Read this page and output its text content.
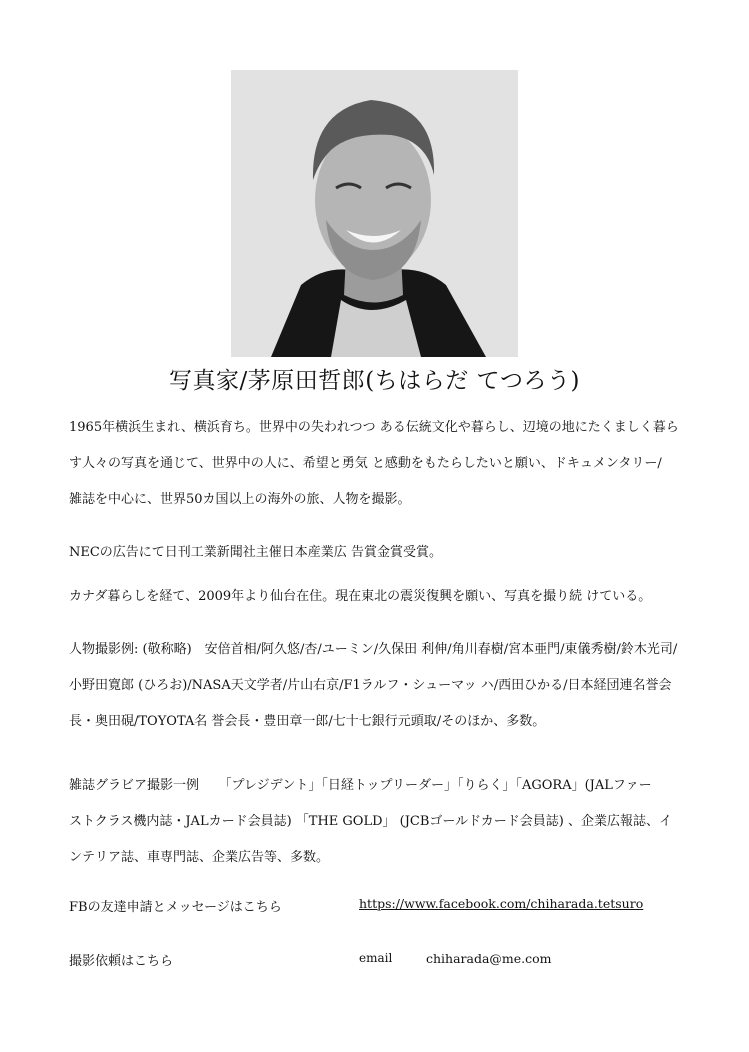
写真家/茅原田哲郎(ちはらだ てつろう)
1965年横浜生まれ、横浜育ち。世界中の失われつつ ある伝統文化や暮らし、辺境の地にたくましく暮ら
す人々の写真を通じて、世界中の人に、希望と勇気 と感動をもたらしたいと願い、ドキュメンタリー/
雑誌を中心に、世界50カ国以上の海外の旅、人物を撮影。
NECの広告にて日刊工業新聞社主催日本産業広 告賞金賞受賞。
カナダ暮らしを経て、2009年より仙台在住。現在東北の震災復興を願い、写真を撮り続 けている。
人物撮影例: (敬称略)　安倍首相/阿久悠/杏/ユーミン/久保田 利伸/角川春樹/宮本亜門/東儀秀樹/鈴木光司/
小野田寛郎 (ひろお)/NASA天文学者/片山右京/F1ラルフ・シューマッ ハ/西田ひかる/日本経団連名誉会
長・奥田硯/TOYOTA名 誉会長・豊田章一郎/七十七銀行元頭取/そのほか、多数。
雑誌グラビア撮影一例　　「プレジデント」「日経トップリーダー」「りらく」「AGORA」(JALファー
ストクラス機内誌・JALカード会員誌) 「THE GOLD」 (JCBゴールドカード会員誌) 、企業広報誌、イ
ンテリア誌、車専門誌、企業広告等、多数。
FBの友達申請とメッセージはこちら	https://www.facebook.com/chiharada.tetsuro
撮影依頼はこちら	email	chiharada@me.com
